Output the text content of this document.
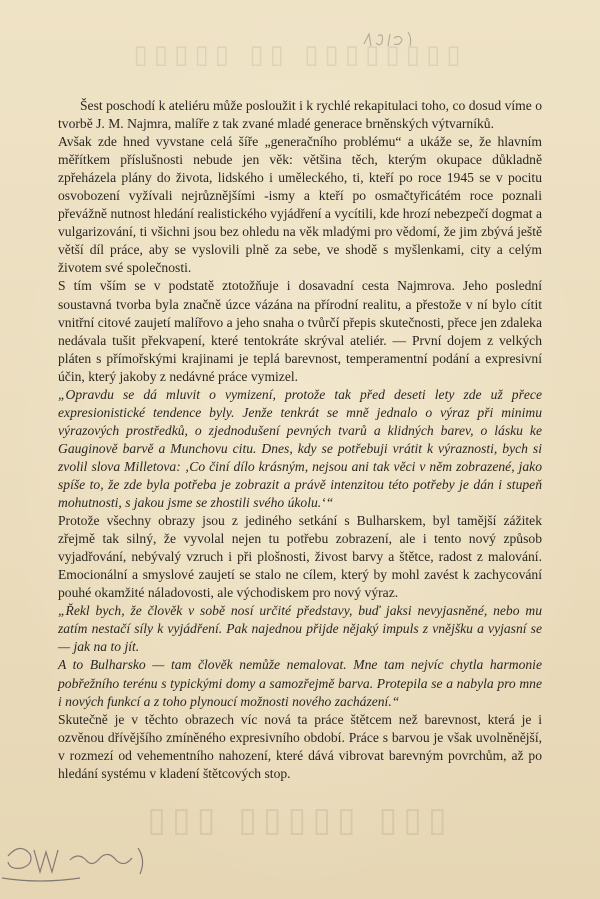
▯▯▯▯▯ ▯▯ ▯▯▯▯▯▯▯▯
▯▯▯ ▯▯▯▯▯ ▯▯▯

Šest poschodí k ateliéru může posloužit i k rychlé rekapitulaci toho, co dosud víme o tvorbě J. M. Najmra, malíře z tak zvané mladé generace brněnských výtvarníků.

Avšak zde hned vyvstane celá šíře „generačního problému“ a ukáže se, že hlavním měřítkem příslušnosti nebude jen věk: většina těch, kterým okupace důkladně zpřeházela plány do života, lidského i uměleckého, ti, kteří po roce 1945 se v pocitu osvobození vyžívali nejrůznějšími -ismy a kteří po osmačtyřicátém roce poznali převážně nutnost hledání realistického vyjádření a vycítili, kde hrozí nebezpečí dogmat a vulgarizování, ti všichni jsou bez ohledu na věk mladými pro vědomí, že jim zbývá ještě větší díl práce, aby se vyslovili plně za sebe, ve shodě s myšlenkami, city a celým životem své společnosti.

S tím vším se v podstatě ztotožňuje i dosavadní cesta Najmrova. Jeho poslední soustavná tvorba byla značně úzce vázána na přírodní realitu, a přestože v ní bylo cítit vnitřní citové zaujetí malířovo a jeho snaha o tvůrčí přepis skutečnosti, přece jen zdaleka nedávala tušit překvapení, které tentokráte skrýval ateliér. — První dojem z velkých pláten s přímořskými krajinami je teplá barevnost, temperamentní podání a expresivní účin, který jakoby z nedávné práce vymizel.

„Opravdu se dá mluvit o vymizení, protože tak před deseti lety zde už přece expresionistické tendence byly. Jenže tenkrát se mně jednalo o výraz při minimu výrazových prostředků, o zjednodušení pevných tvarů a klidných barev, o lásku ke Gauginově barvě a Munchovu citu. Dnes, kdy se potřebuji vrátit k výraznosti, bych si zvolil slova Milletova: ‚Co činí dílo krásným, nejsou ani tak věci v něm zobrazené, jako spíše to, že zde byla potřeba je zobrazit a právě intenzitou této potřeby je dán i stupeň mohutnosti, s jakou jsme se zhostili svého úkolu.‘“

Protože všechny obrazy jsou z jediného setkání s Bulharskem, byl tamější zážitek zřejmě tak silný, že vyvolal nejen tu potřebu zobrazení, ale i tento nový způsob vyjadřování, nebývalý vzruch i při plošnosti, živost barvy a štětce, radost z malování. Emocionální a smyslové zaujetí se stalo ne cílem, který by mohl zavést k zachycování pouhé okamžité náladovosti, ale východiskem pro nový výraz.

„Řekl bych, že člověk v sobě nosí určité představy, buď jaksi nevyjasněné, nebo mu zatím nestačí síly k vyjádření. Pak najednou přijde nějaký impuls z vnějšku a vyjasní se — jak na to jít.

A to Bulharsko — tam člověk nemůže nemalovat. Mne tam nejvíc chytla harmonie pobřežního terénu s typickými domy a samozřejmě barva. Protepila se a nabyla pro mne i nových funkcí a z toho plynoucí možnosti nového zacházení.“

Skutečně je v těchto obrazech víc nová ta práce štětcem než barevnost, která je i ozvěnou dřívějšího zmíněného expresivního období. Práce s barvou je však uvolněnější, v rozmezí od vehementního nahození, které dává vibrovat barevným povrchům, až po hledání systému v kladení štětcových stop.
